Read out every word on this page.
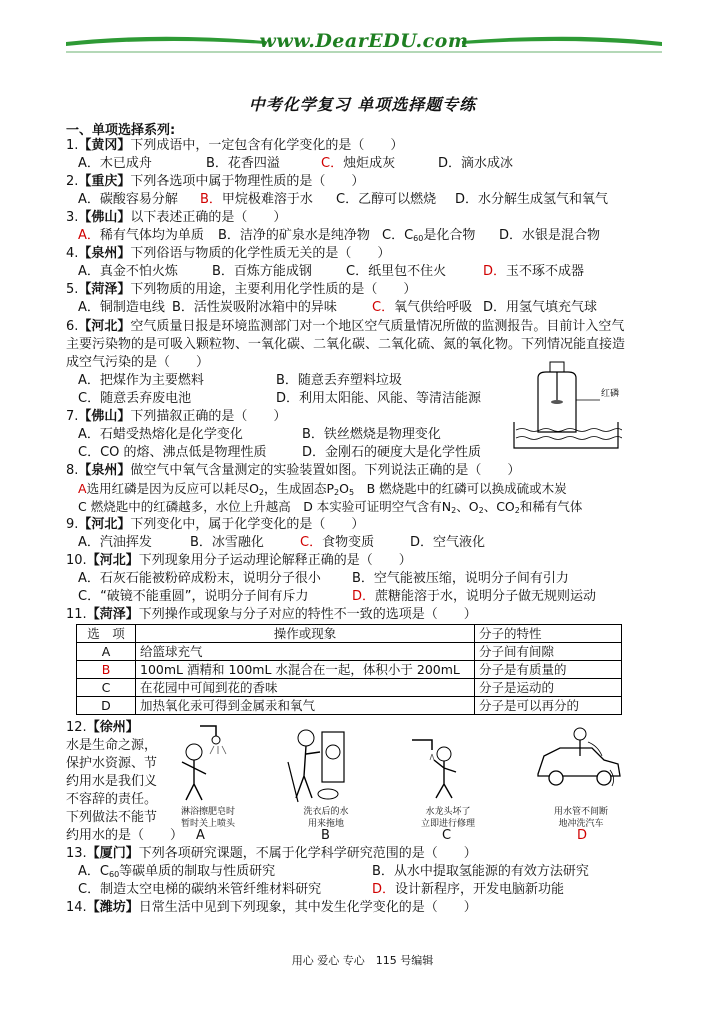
www.DearEDU.com
中考化学复习 单项选择题专练
一、单项选择系列:
1.【黄冈】下列成语中，一定包含有化学变化的是（　　）
A．木已成舟	B．花香四溢	C．烛炬成灰	D．滴水成冰
2.【重庆】下列各选项中属于物理性质的是（　　）
A．碳酸容易分解 B．甲烷极难溶于水 C．乙醇可以燃烧 D．水分解生成氢气和氧气
3.【佛山】以下表述正确的是（　　）
A．稀有气体均为单质 B．洁净的矿泉水是纯净物 C．$C_{60}$是化合物 D．水银是混合物
4.【泉州】下列俗语与物质的化学性质无关的是（　　）
A．真金不怕火炼	B．百炼方能成钢	C．纸里包不住火	D．玉不琢不成器
5.【菏泽】下列物质的用途，主要利用化学性质的是（　　）
A．铜制造电线 B．活性炭吸附冰箱中的异味	C．氧气供给呼吸 D．用氢气填充气球
6.【河北】空气质量日报是环境监测部门对一个地区空气质量情况所做的监测报告。目前计入空气
主要污染物的是可吸入颗粒物、一氧化碳、二氧化碳、二氧化硫、氮的氧化物。下列情况能直接造
成空气污染的是（　　）
A．把煤作为主要燃料	B．随意丢弃塑料垃圾
C．随意丢弃废电池	D．利用太阳能、风能、等清洁能源	红磷
7.【佛山】下列描叙正确的是（　　）
A．石蜡受热熔化是化学变化	B．铁丝燃烧是物理变化
C．CO 的熔、沸点低是物理性质	D．金刚石的硬度大是化学性质
8.【泉州】做空气中氧气含量测定的实验装置如图。下列说法正确的是（　　）
A选用红磷是因为反应可以耗尽$O_2$，生成固态$P_2O_5$　B 燃烧匙中的红磷可以换成硫或木炭
C 燃烧匙中的红磷越多，水位上升越高　D 本实验可证明空气含有$N_2$、$O_2$、$CO_2$和稀有气体
9.【河北】下列变化中，属于化学变化的是（　　）
A．汽油挥发	B．冰雪融化	C．食物变质	D．空气液化
10.【河北】下列现象用分子运动理论解释正确的是（　　）
A．石灰石能被粉碎成粉末，说明分子很小 B．空气能被压缩，说明分子间有引力
C．“破镜不能重圆”，说明分子间有斥力	D．蔗糖能溶于水，说明分子做无规则运动
11.【菏泽】下列操作或现象与分子对应的特性不一致的选项是（　　）
选　项	操作或现象	分子的特性
A	给篮球充气	分子间有间隙
B	100mL 酒精和 100mL 水混合在一起，体积小于 200mL	分子是有质量的
C	在花园中可闻到花的香味	分子是运动的
D	加热氧化汞可得到金属汞和氧气	分子是可以再分的
12.【徐州】
水是生命之源，
保护水资源、节
约用水是我们义
不容辞的责任。
下列做法不能节
约用水的是（　　）
淋浴擦肥皂时
暂时关上喷头
A
洗衣后的水
用来拖地
B
水龙头坏了
立即进行修理
C
用水管不间断
地冲洗汽车
D
13.【厦门】下列各项研究课题，不属于化学科学研究范围的是（　　）
A．$C_{60}$等碳单质的制取与性质研究	B．从水中提取氢能源的有效方法研究
C．制造太空电梯的碳纳米管纤维材料研究	D．设计新程序，开发电脑新功能
14.【潍坊】日常生活中见到下列现象，其中发生化学变化的是（　　）
用心 爱心 专心　115 号编辑
